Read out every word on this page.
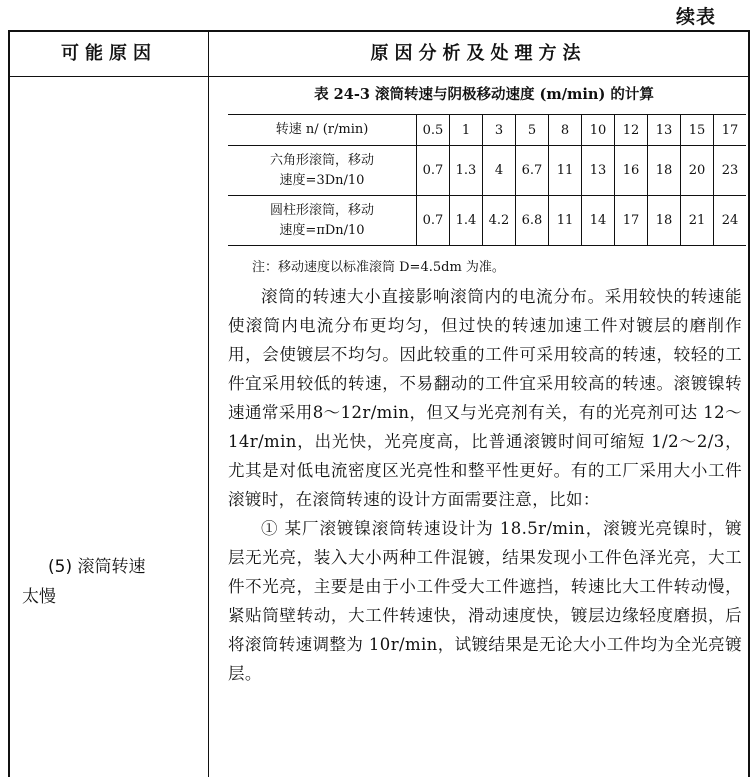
续表
可能原因	原因分析及处理方法
(5) 滚筒转速
太慢
表 24-3 滚筒转速与阴极移动速度 (m/min) 的计算
转速 n/ (r/min)	0.5	1	3	5	8	10	12	13	15	17

六角形滚筒，移动
速度=3Dn/10	0.7	1.3	4	6.7	11	13	16	18	20	23

圆柱形滚筒，移动
速度=πDn/10	0.7	1.4	4.2	6.8	11	14	17	18	21	24
注：移动速度以标准滚筒 D=4.5dm 为准。

滚筒的转速大小直接影响滚筒内的电流分布。采用较快的转速能使滚筒内电流分布更均匀，但过快的转速加速工件对镀层的磨削作用，会使镀层不均匀。因此较重的工件可采用较高的转速，较轻的工件宜采用较低的转速，不易翻动的工件宜采用较高的转速。滚镀镍转速通常采用8～12r/min，但又与光亮剂有关，有的光亮剂可达 12～14r/min，出光快，光亮度高，比普通滚镀时间可缩短 1/2～2/3，尤其是对低电流密度区光亮性和整平性更好。有的工厂采用大小工件滚镀时，在滚筒转速的设计方面需要注意，比如：

① 某厂滚镀镍滚筒转速设计为 18.5r/min，滚镀光亮镍时，镀层无光亮，装入大小两种工件混镀，结果发现小工件色泽光亮，大工件不光亮，主要是由于小工件受大工件遮挡，转速比大工件转动慢，紧贴筒壁转动，大工件转速快，滑动速度快，镀层边缘轻度磨损，后将滚筒转速调整为 10r/min，试镀结果是无论大小工件均为全光亮镀层。
